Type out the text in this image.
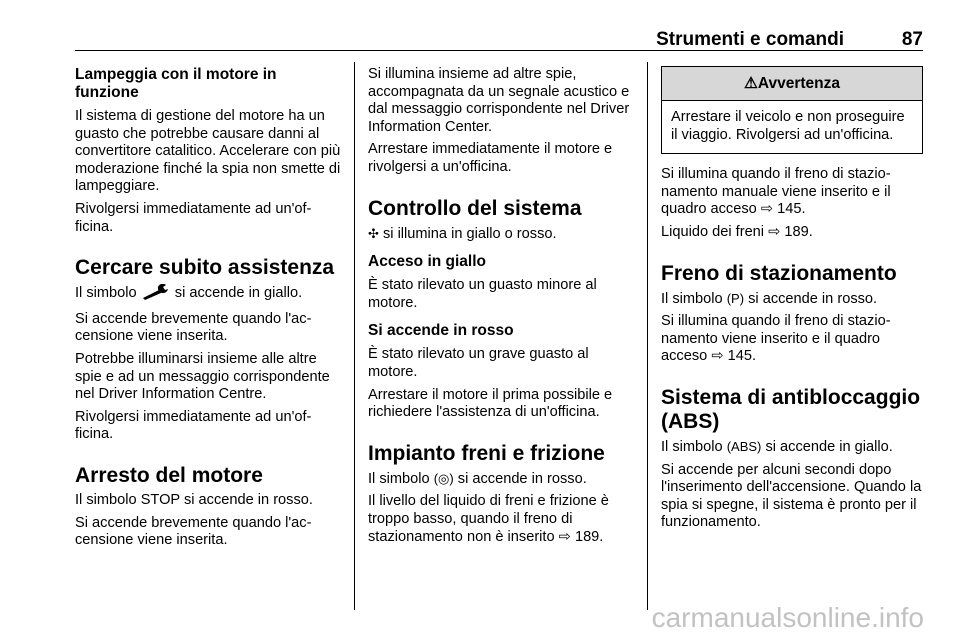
Strumenti e comandi	87
Lampeggia con il motore in funzione

Il sistema di gestione del motore ha un guasto che potrebbe causare danni al convertitore catalitico. Accelerare con più moderazione finché la spia non smette di lampeggiare.

Rivolgersi immediatamente ad un'officina.

Cercare subito assistenza

Il simbolo	si accende in giallo.

Si accende brevemente quando l'accensione viene inserita.

Potrebbe illuminarsi insieme alle altre spie e ad un messaggio corrispondente nel Driver Information Centre.

Rivolgersi immediatamente ad un'officina.

Arresto del motore

Il simbolo STOP si accende in rosso.

Si accende brevemente quando l'accensione viene inserita.

Si illumina insieme ad altre spie, accompagnata da un segnale acustico e dal messaggio corrispondente nel Driver Information Center.

Arrestare immediatamente il motore e rivolgersi a un'officina.

Controllo del sistema

✣ si illumina in giallo o rosso.

Acceso in giallo

È stato rilevato un guasto minore al motore.

Si accende in rosso

È stato rilevato un grave guasto al motore.

Arrestare il motore il prima possibile e richiedere l'assistenza di un'officina.

Impianto freni e frizione

Il simbolo (◎) si accende in rosso.

Il livello del liquido di freni e frizione è troppo basso, quando il freno di stazionamento non è inserito ⇨ 189.

⚠Avvertenza
Arrestare il veicolo e non proseguire il viaggio. Rivolgersi ad un'officina.

Si illumina quando il freno di stazionamento manuale viene inserito e il quadro acceso ⇨ 145.

Liquido dei freni ⇨ 189.

Freno di stazionamento

Il simbolo (P) si accende in rosso.

Si illumina quando il freno di stazionamento viene inserito e il quadro acceso ⇨ 145.

Sistema di antibloccaggio (ABS)

Il simbolo (ABS) si accende in giallo.

Si accende per alcuni secondi dopo l'inserimento dell'accensione. Quando la spia si spegne, il sistema è pronto per il funzionamento.

carmanualsonline.info
